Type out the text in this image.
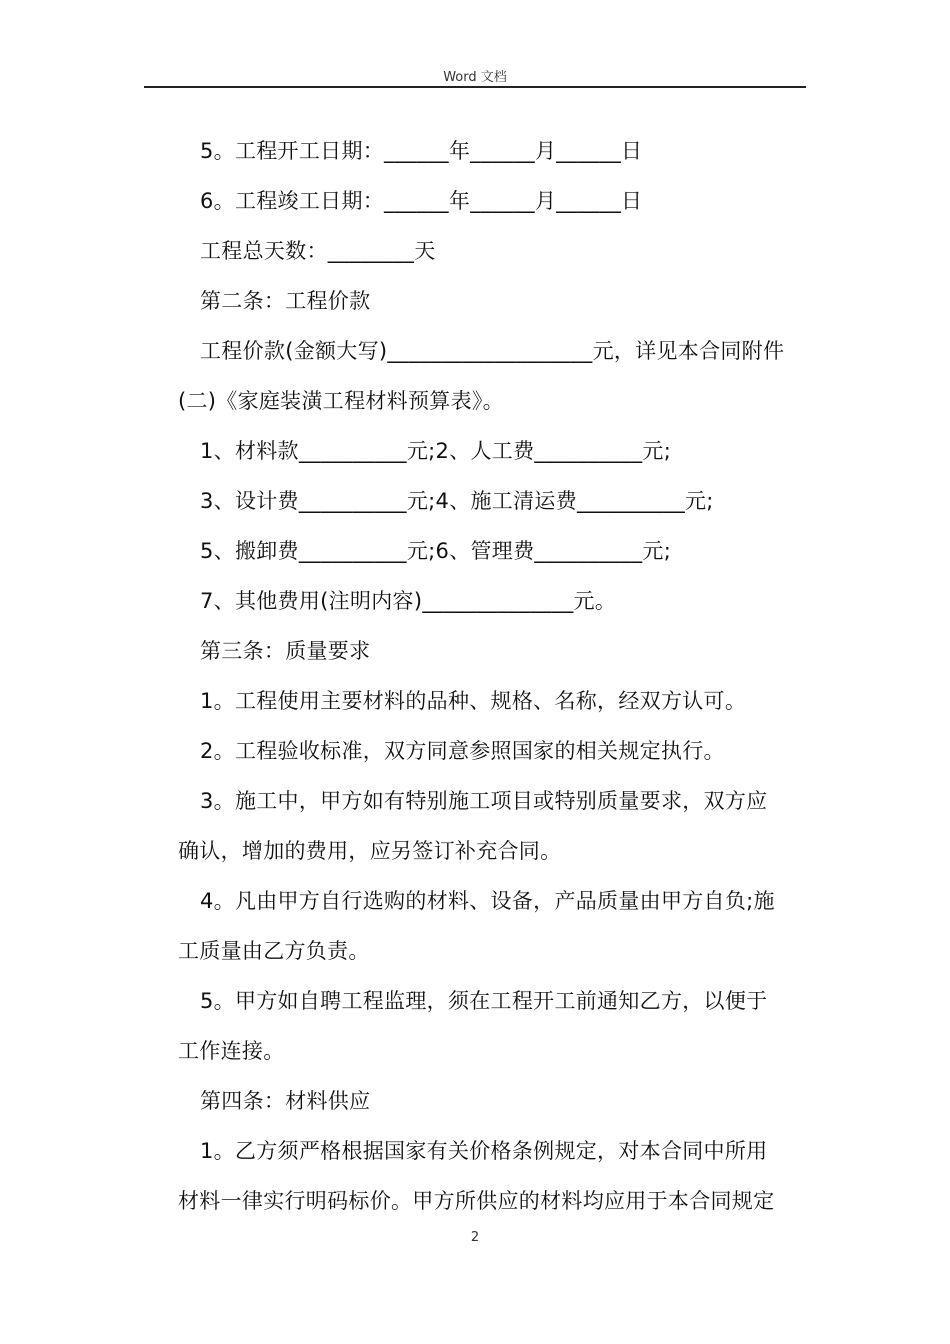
Word 文档
5。工程开工日期：______年______月______日
6。工程竣工日期：______年______月______日
工程总天数：________天
第二条：工程价款
工程价款(金额大写)___________________元，详见本合同附件
(二)《家庭装潢工程材料预算表》。
1、材料款__________元;2、人工费__________元;
3、设计费__________元;4、施工清运费__________元;
5、搬卸费__________元;6、管理费__________元;
7、其他费用(注明内容)______________元。
第三条：质量要求
1。工程使用主要材料的品种、规格、名称，经双方认可。
2。工程验收标准，双方同意参照国家的相关规定执行。
3。施工中，甲方如有特别施工项目或特别质量要求，双方应
确认，增加的费用，应另签订补充合同。
4。凡由甲方自行选购的材料、设备，产品质量由甲方自负;施
工质量由乙方负责。
5。甲方如自聘工程监理，须在工程开工前通知乙方，以便于
工作连接。
第四条：材料供应
1。乙方须严格根据国家有关价格条例规定，对本合同中所用
材料一律实行明码标价。甲方所供应的材料均应用于本合同规定
2
